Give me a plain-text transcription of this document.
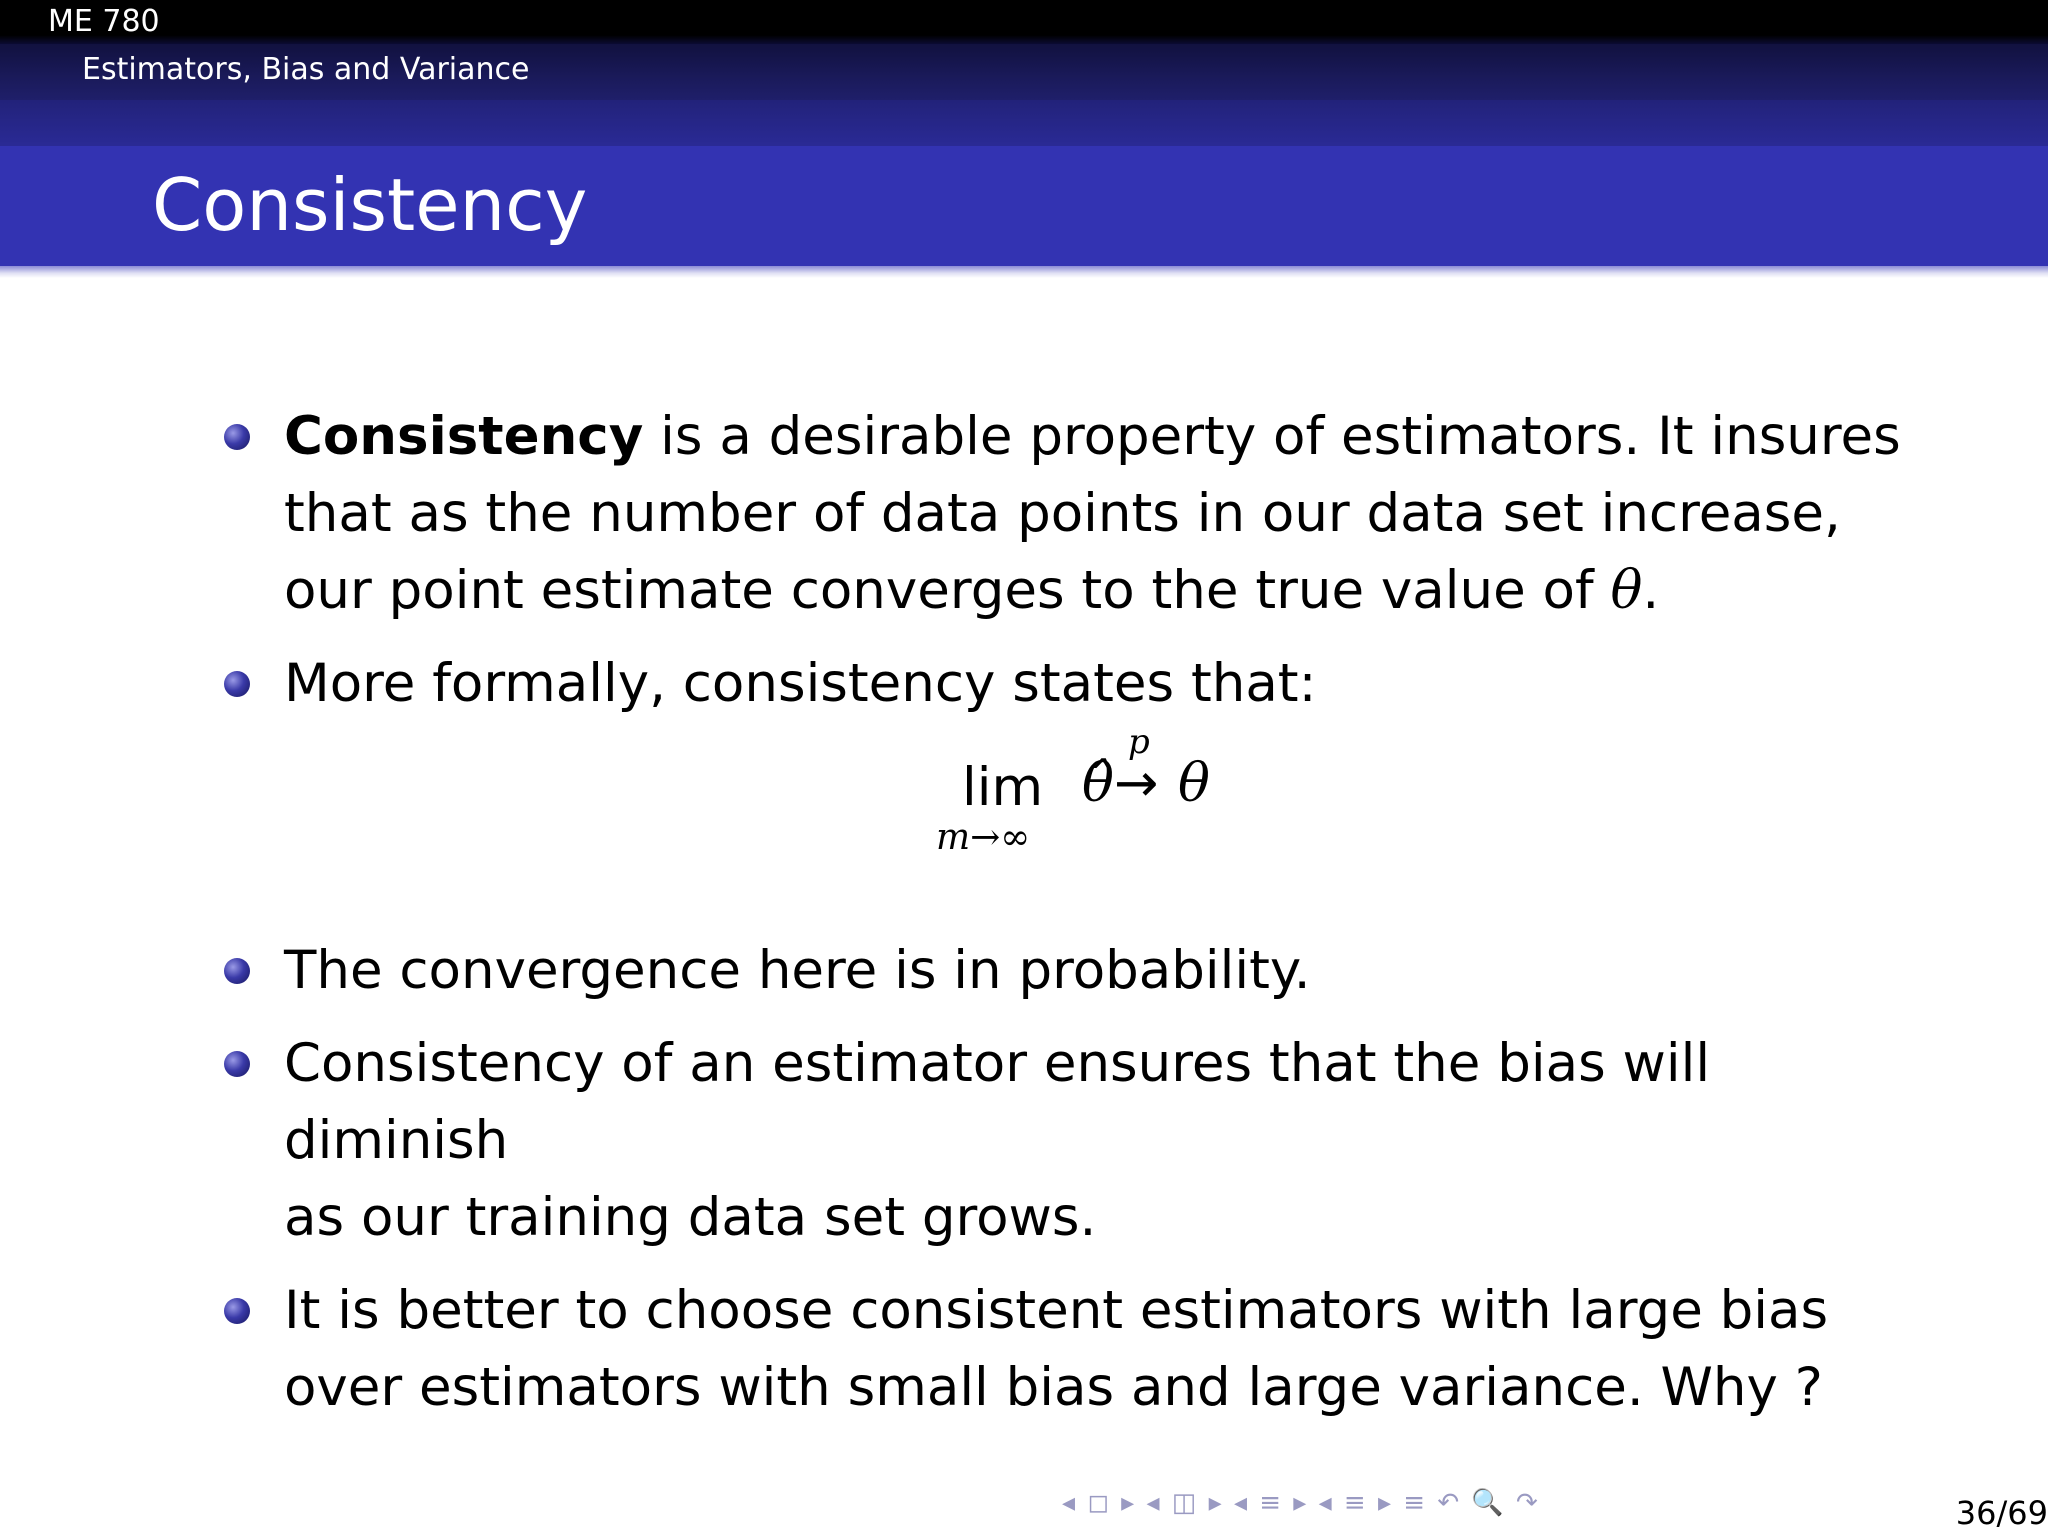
ME 780
Estimators, Bias and Variance
Consistency
Consistency is a desirable property of estimators. It insures
that as the number of data points in our data set increase,
our point estimate converges to the true value of θ.
More formally, consistency states that:
lim
m→∞
θ̂
p
→ θ
The convergence here is in probability.
Consistency of an estimator ensures that the bias will diminish
as our training data set grows.
It is better to choose consistent estimators with large bias
over estimators with small bias and large variance. Why ?
◂ ◻ ▸ ◂ ◫ ▸ ◂ ≡ ▸ ◂ ≡ ▸ ≡ ↶ 🔍 ↷	36/69
